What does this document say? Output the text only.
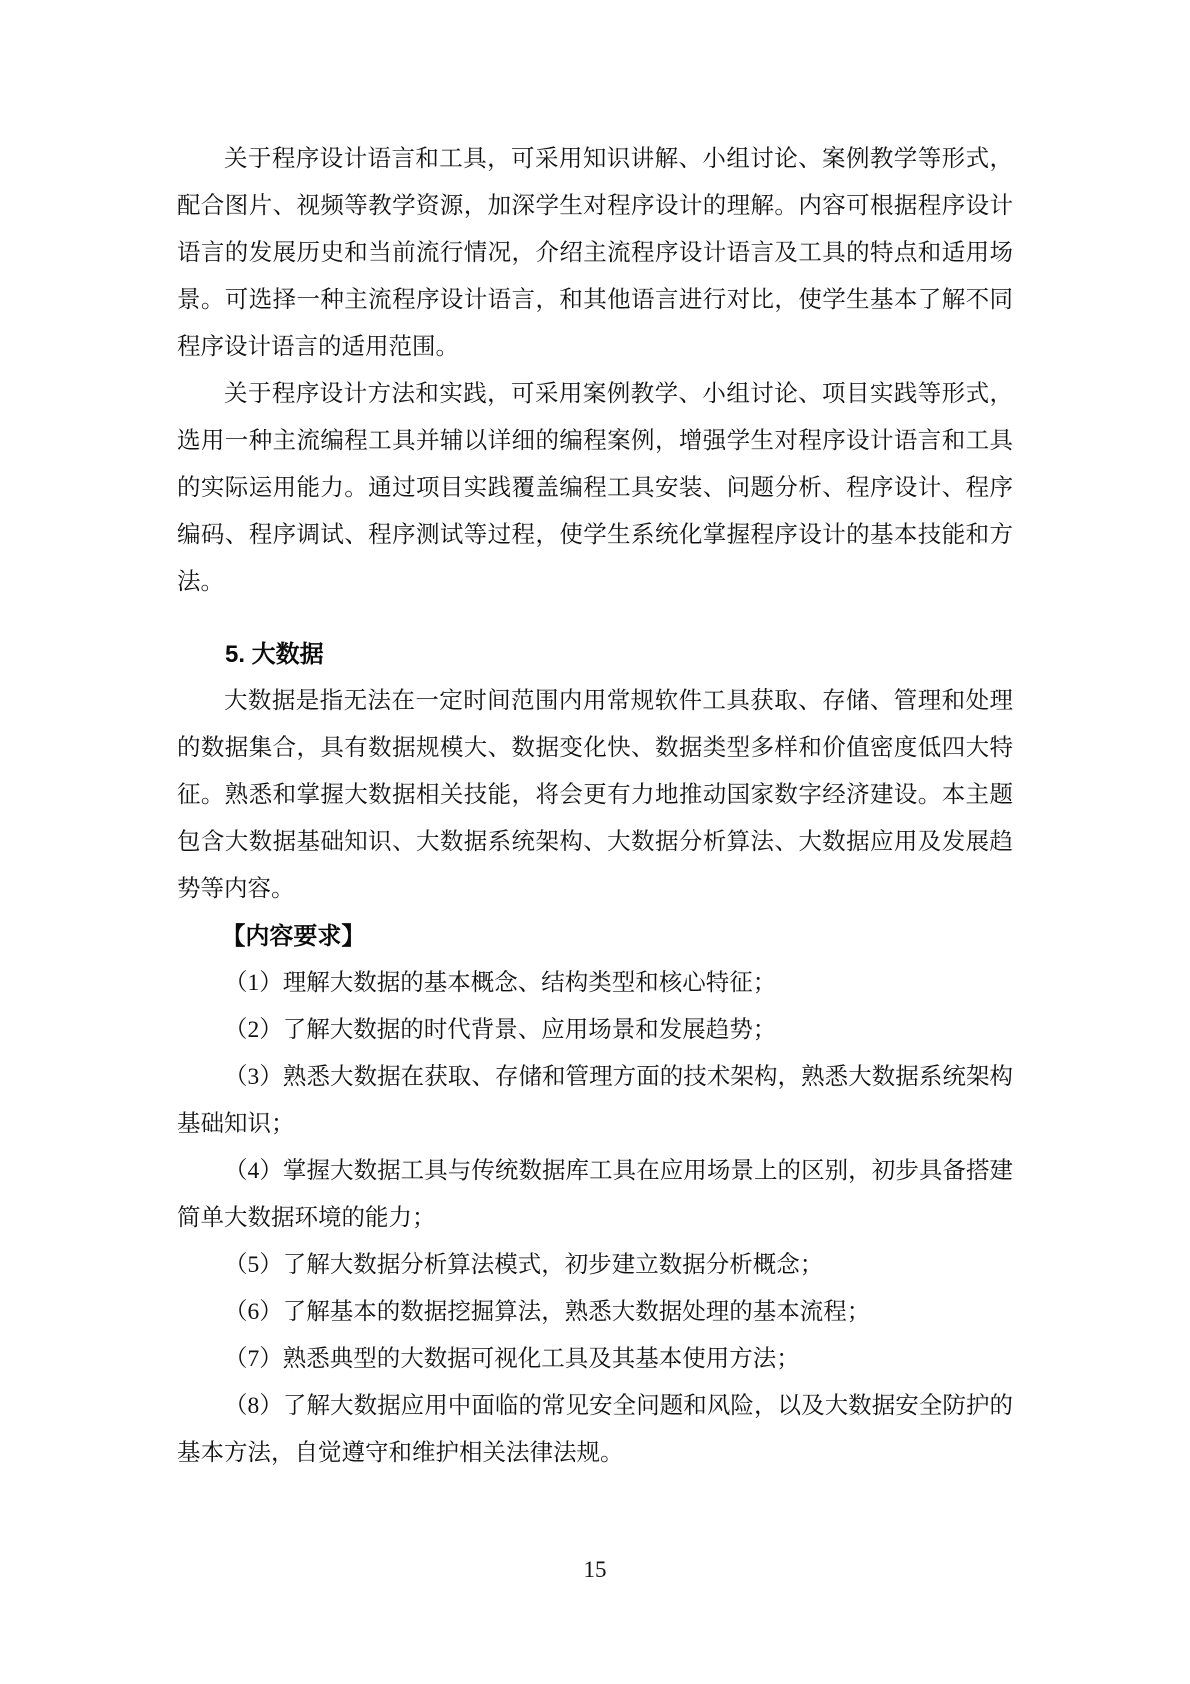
关于程序设计语言和工具，可采用知识讲解、小组讨论、案例教学等形式，配合图片、视频等教学资源，加深学生对程序设计的理解。内容可根据程序设计语言的发展历史和当前流行情况，介绍主流程序设计语言及工具的特点和适用场景。可选择一种主流程序设计语言，和其他语言进行对比，使学生基本了解不同程序设计语言的适用范围。

关于程序设计方法和实践，可采用案例教学、小组讨论、项目实践等形式，选用一种主流编程工具并辅以详细的编程案例，增强学生对程序设计语言和工具的实际运用能力。通过项目实践覆盖编程工具安装、问题分析、程序设计、程序编码、程序调试、程序测试等过程，使学生系统化掌握程序设计的基本技能和方法。

5. 大数据

大数据是指无法在一定时间范围内用常规软件工具获取、存储、管理和处理的数据集合，具有数据规模大、数据变化快、数据类型多样和价值密度低四大特征。熟悉和掌握大数据相关技能，将会更有力地推动国家数字经济建设。本主题包含大数据基础知识、大数据系统架构、大数据分析算法、大数据应用及发展趋势等内容。

【内容要求】

（1）理解大数据的基本概念、结构类型和核心特征；

（2）了解大数据的时代背景、应用场景和发展趋势；

（3）熟悉大数据在获取、存储和管理方面的技术架构，熟悉大数据系统架构基础知识；

（4）掌握大数据工具与传统数据库工具在应用场景上的区别，初步具备搭建简单大数据环境的能力；

（5）了解大数据分析算法模式，初步建立数据分析概念；

（6）了解基本的数据挖掘算法，熟悉大数据处理的基本流程；

（7）熟悉典型的大数据可视化工具及其基本使用方法；

（8）了解大数据应用中面临的常见安全问题和风险，以及大数据安全防护的基本方法，自觉遵守和维护相关法律法规。

15
